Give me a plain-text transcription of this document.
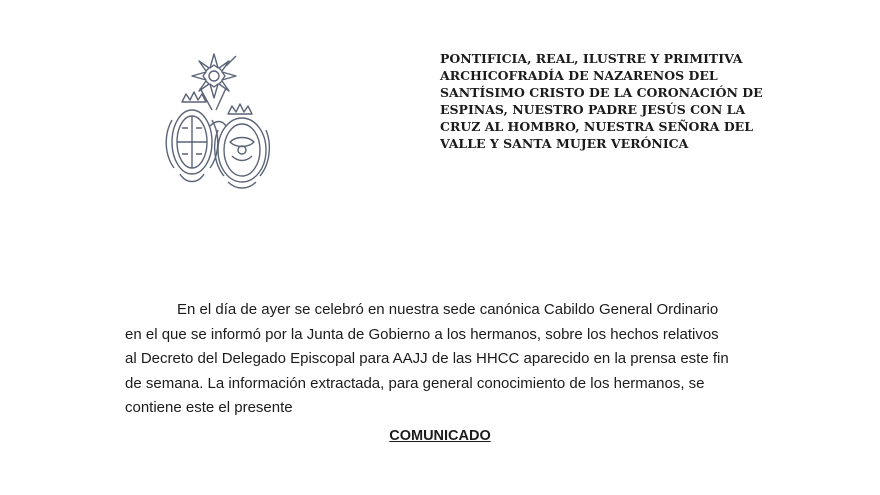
PONTIFICIA, REAL, ILUSTRE Y PRIMITIVA
ARCHICOFRADÍA DE NAZARENOS DEL
SANTÍSIMO CRISTO DE LA CORONACIÓN DE
ESPINAS, NUESTRO PADRE JESÚS CON LA
CRUZ AL HOMBRO, NUESTRA SEÑORA DEL
VALLE Y SANTA MUJER VERÓNICA

En el día de ayer se celebró en nuestra sede canónica Cabildo General Ordinario
en el que se informó por la Junta de Gobierno a los hermanos, sobre los hechos relativos
al Decreto del Delegado Episcopal para AAJJ de las HHCC aparecido en la prensa este fin
de semana. La información extractada, para general conocimiento de los hermanos, se
contiene este el presente

COMUNICADO
